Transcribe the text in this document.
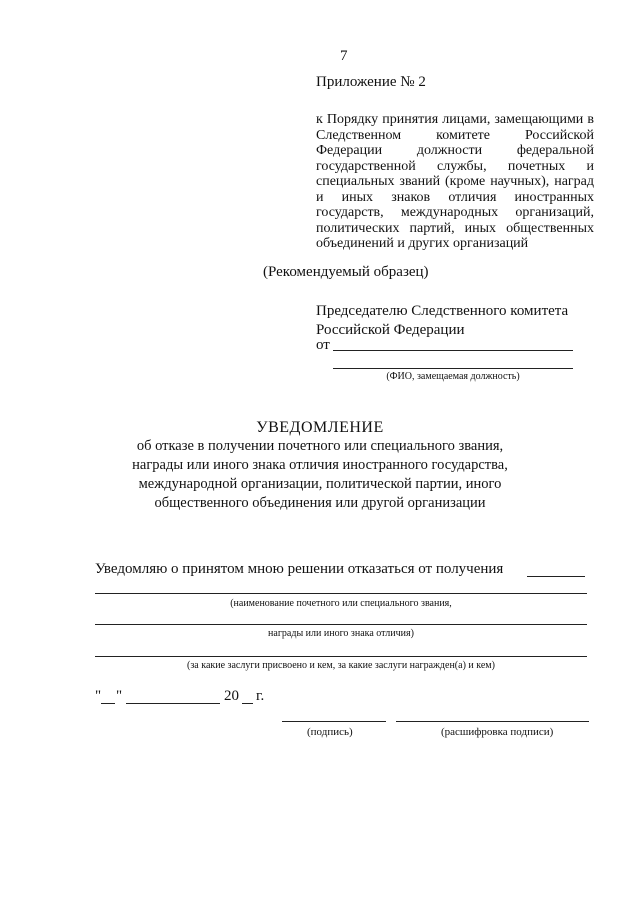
7
Приложение № 2
к Порядку принятия лицами, замещающими в Следственном комитете Российской Федерации должности федеральной государственной службы, почетных и специальных званий (кроме научных), наград и иных знаков отличия иностранных государств, международных организаций, политических партий, иных общественных объединений и других организаций
(Рекомендуемый образец)
Председателю Следственного комитета
Российской Федерации
от
(ФИО, замещаемая должность)
УВЕДОМЛЕНИЕ
об отказе в получении почетного или специального звания,
награды или иного знака отличия иностранного государства,
международной организации, политической партии, иного
общественного объединения или другой организации
Уведомляю о принятом мною решении отказаться от получения
(наименование почетного или специального звания,
награды или иного знака отличия)
(за какие заслуги присвоено и кем, за какие заслуги награжден(а) и кем)
" "	20 г.
(подпись)	(расшифровка подписи)
